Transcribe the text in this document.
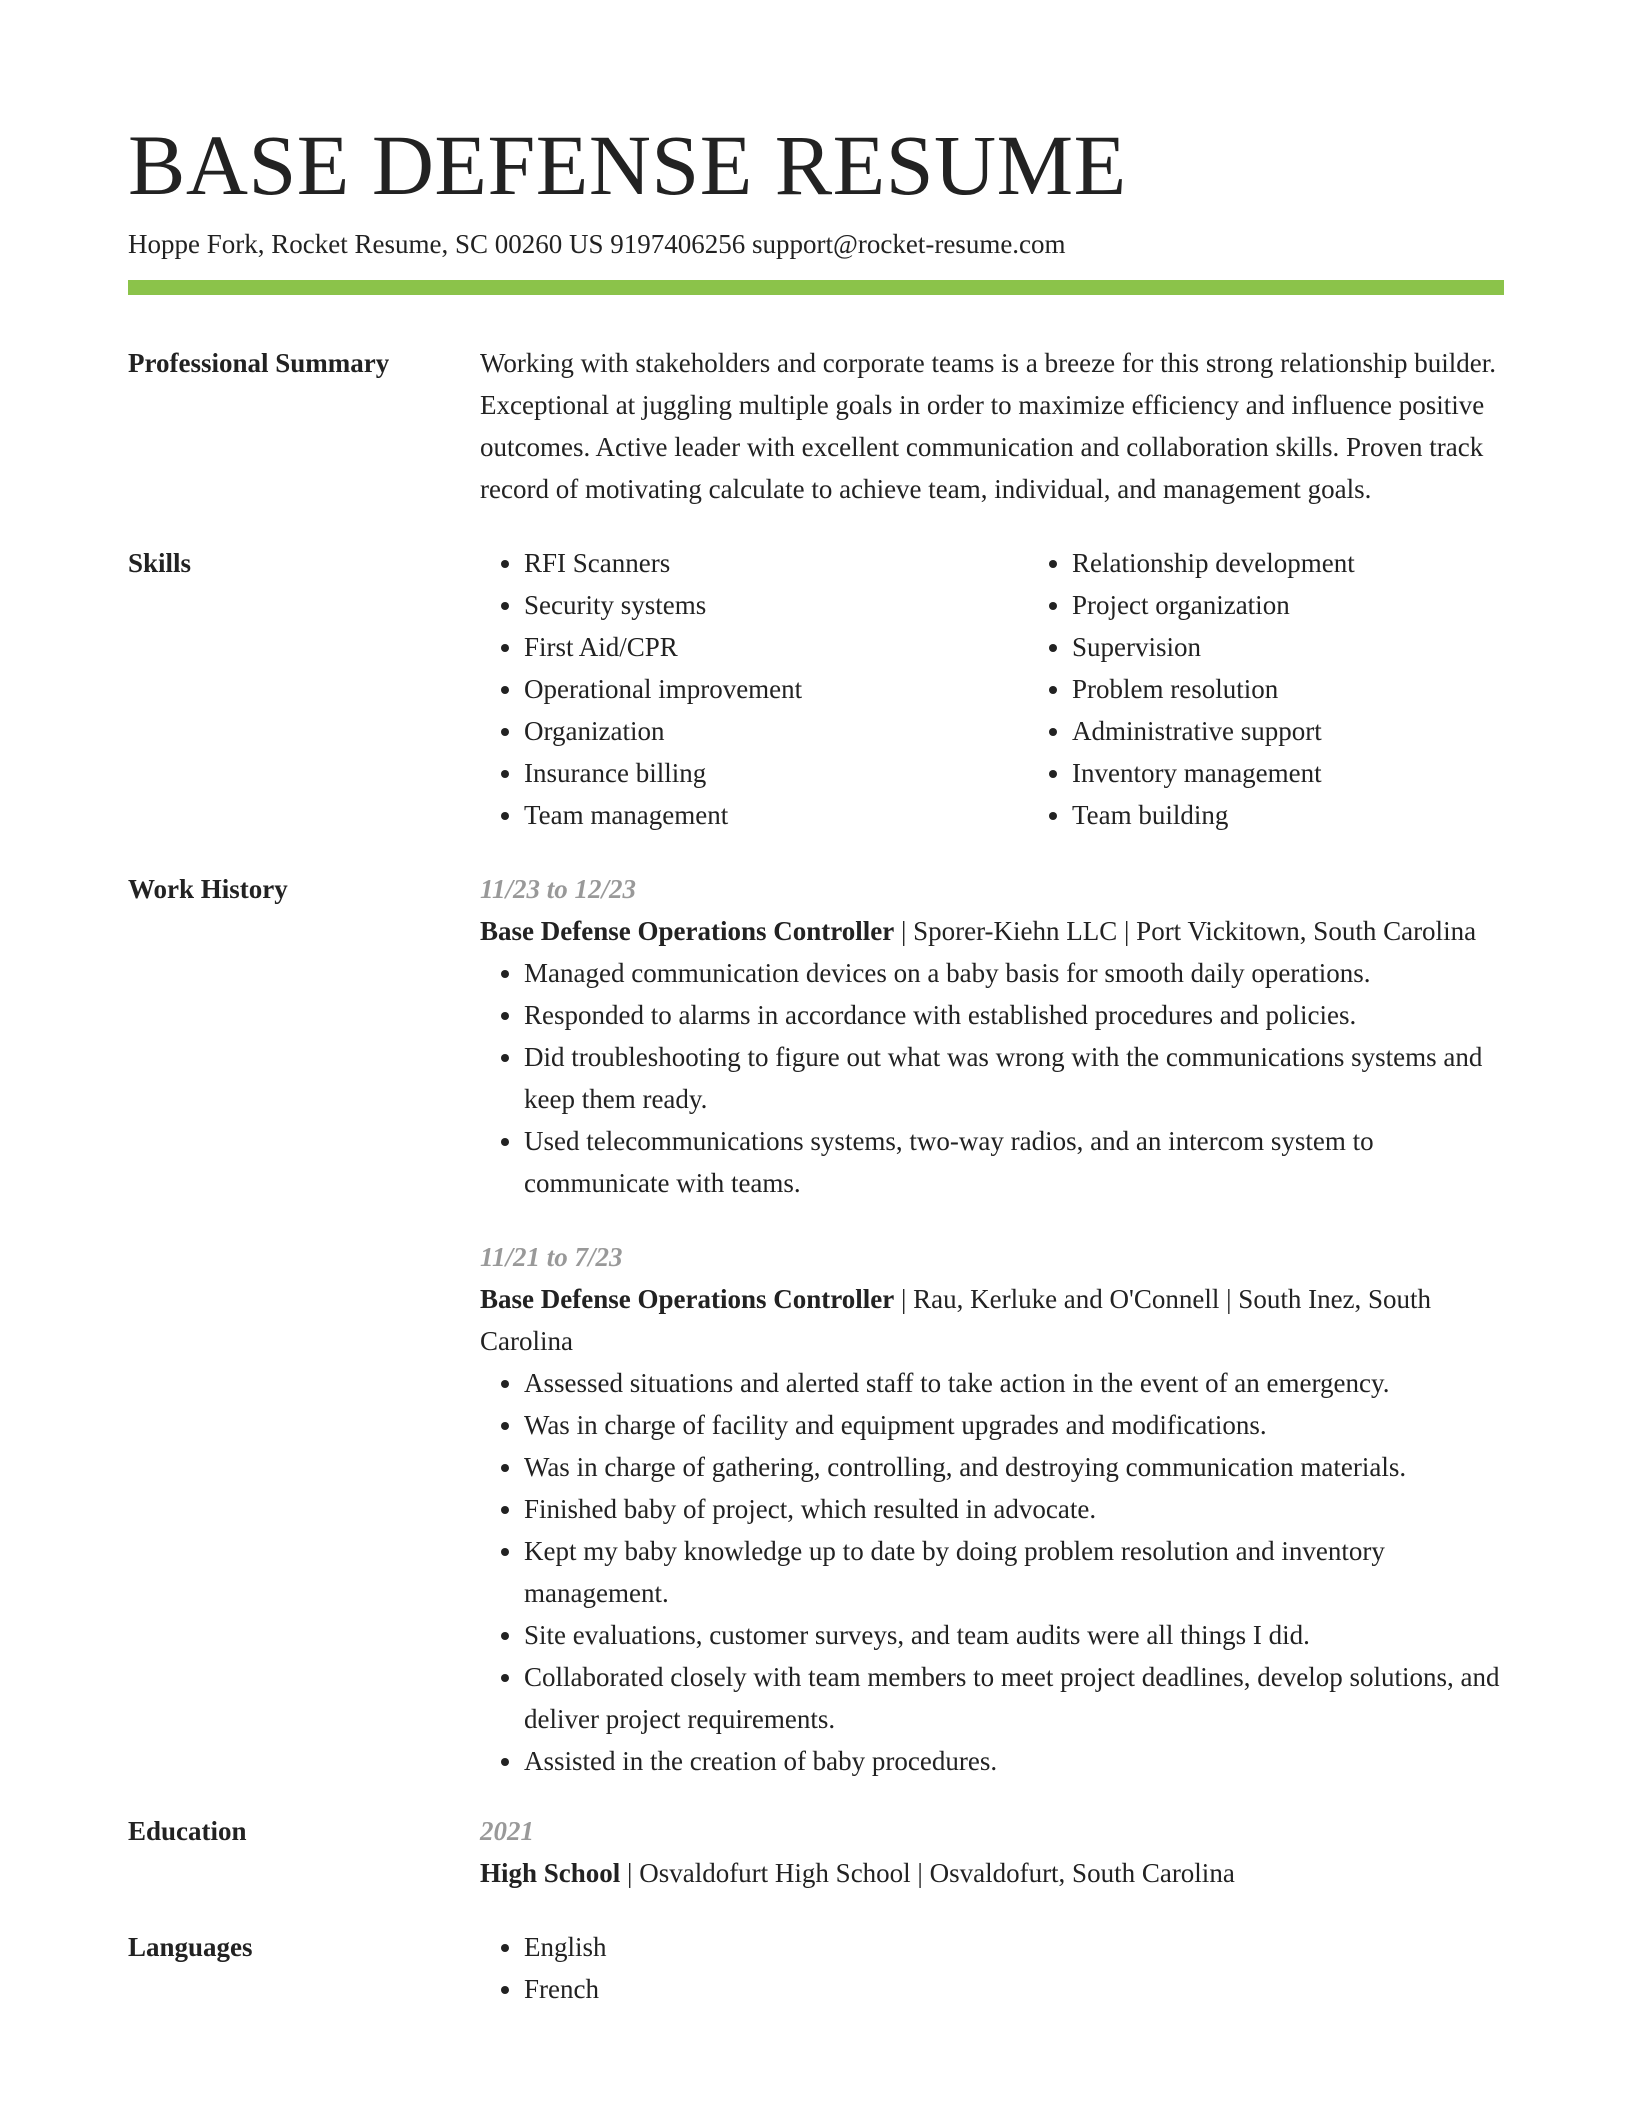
BASE DEFENSE RESUME
Hoppe Fork, Rocket Resume, SC 00260 US 9197406256 support@rocket-resume.com
Professional Summary	Working with stakeholders and corporate teams is a breeze for this strong relationship builder. Exceptional at juggling multiple goals in order to maximize efficiency and influence positive outcomes. Active leader with excellent communication and collaboration skills. Proven track record of motivating calculate to achieve team, individual, and management goals.
Skills	• RFI Scanners
• Security systems
• First Aid/CPR
• Operational improvement
• Organization
• Insurance billing
• Team management
• Relationship development
• Project organization
• Supervision
• Problem resolution
• Administrative support
• Inventory management
• Team building
Work History	11/23 to 12/23
Base Defense Operations Controller | Sporer-Kiehn LLC | Port Vickitown, South Carolina
• Managed communication devices on a baby basis for smooth daily operations.
• Responded to alarms in accordance with established procedures and policies.
• Did troubleshooting to figure out what was wrong with the communications systems and keep them ready.
• Used telecommunications systems, two-way radios, and an intercom system to communicate with teams.
11/21 to 7/23
Base Defense Operations Controller | Rau, Kerluke and O'Connell | South Inez, South Carolina
• Assessed situations and alerted staff to take action in the event of an emergency.
• Was in charge of facility and equipment upgrades and modifications.
• Was in charge of gathering, controlling, and destroying communication materials.
• Finished baby of project, which resulted in advocate.
• Kept my baby knowledge up to date by doing problem resolution and inventory management.
• Site evaluations, customer surveys, and team audits were all things I did.
• Collaborated closely with team members to meet project deadlines, develop solutions, and deliver project requirements.
• Assisted in the creation of baby procedures.
Education	2021
High School | Osvaldofurt High School | Osvaldofurt, South Carolina
Languages	• English
• French
